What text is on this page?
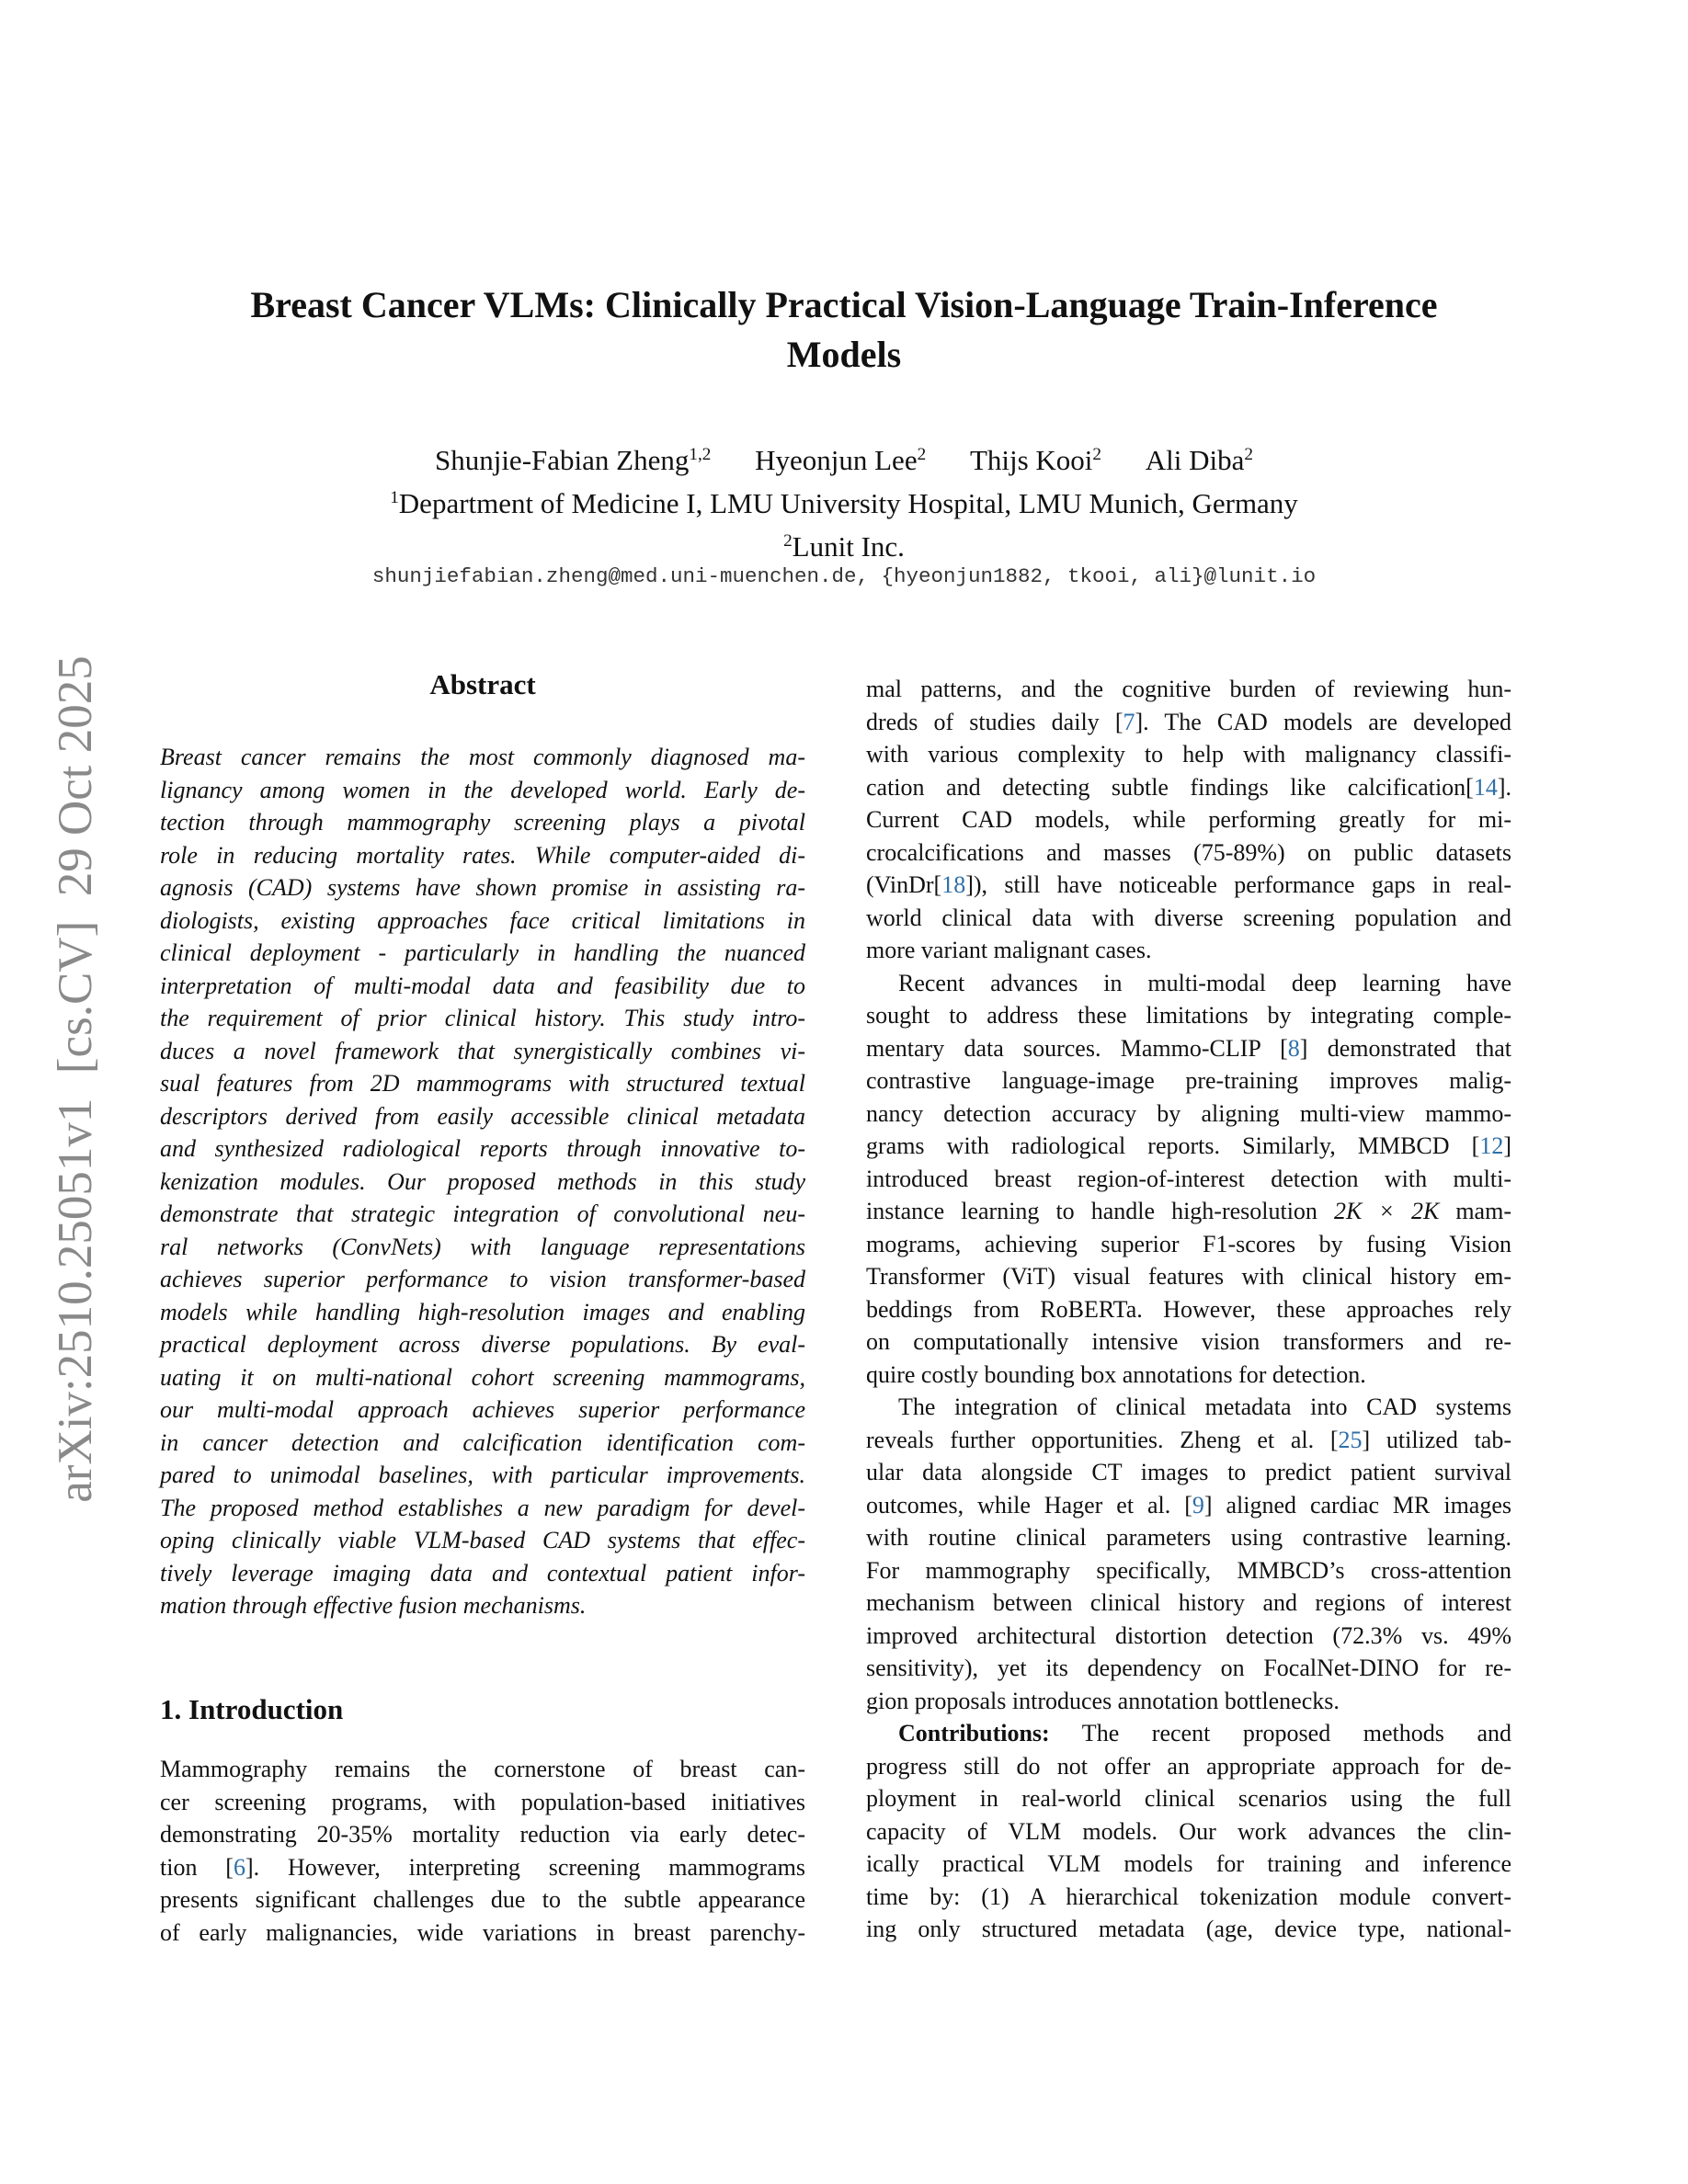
arXiv:2510.25051v1  [cs.CV]  29 Oct 2025
Breast Cancer VLMs: Clinically Practical Vision-Language Train-Inference
Models
Shunjie-Fabian Zheng$^{1,2}$ Hyeonjun Lee$^2$ Thijs Kooi$^2$ Ali Diba$^2$
$^1$Department of Medicine I, LMU University Hospital, LMU Munich, Germany
$^2$Lunit Inc.
shunjiefabian.zheng@med.uni-muenchen.de, {hyeonjun1882, tkooi, ali}@lunit.io
Abstract
Breast cancer remains the most commonly diagnosed ma-
lignancy among women in the developed world. Early de-
tection through mammography screening plays a pivotal
role in reducing mortality rates. While computer-aided di-
agnosis (CAD) systems have shown promise in assisting ra-
diologists, existing approaches face critical limitations in
clinical deployment - particularly in handling the nuanced
interpretation of multi-modal data and feasibility due to
the requirement of prior clinical history. This study intro-
duces a novel framework that synergistically combines vi-
sual features from 2D mammograms with structured textual
descriptors derived from easily accessible clinical metadata
and synthesized radiological reports through innovative to-
kenization modules. Our proposed methods in this study
demonstrate that strategic integration of convolutional neu-
ral networks (ConvNets) with language representations
achieves superior performance to vision transformer-based
models while handling high-resolution images and enabling
practical deployment across diverse populations. By eval-
uating it on multi-national cohort screening mammograms,
our multi-modal approach achieves superior performance
in cancer detection and calcification identification com-
pared to unimodal baselines, with particular improvements.
The proposed method establishes a new paradigm for devel-
oping clinically viable VLM-based CAD systems that effec-
tively leverage imaging data and contextual patient infor-
mation through effective fusion mechanisms.
1. Introduction
Mammography remains the cornerstone of breast can-
cer screening programs, with population-based initiatives
demonstrating 20-35% mortality reduction via early detec-
tion [6]. However, interpreting screening mammograms
presents significant challenges due to the subtle appearance
of early malignancies, wide variations in breast parenchy-
mal patterns, and the cognitive burden of reviewing hun-
dreds of studies daily [7]. The CAD models are developed
with various complexity to help with malignancy classifi-
cation and detecting subtle findings like calcification[14].
Current CAD models, while performing greatly for mi-
crocalcifications and masses (75-89%) on public datasets
(VinDr[18]), still have noticeable performance gaps in real-
world clinical data with diverse screening population and
more variant malignant cases.
Recent advances in multi-modal deep learning have
sought to address these limitations by integrating comple-
mentary data sources. Mammo-CLIP [8] demonstrated that
contrastive language-image pre-training improves malig-
nancy detection accuracy by aligning multi-view mammo-
grams with radiological reports. Similarly, MMBCD [12]
introduced breast region-of-interest detection with multi-
instance learning to handle high-resolution 2K × 2K mam-
mograms, achieving superior F1-scores by fusing Vision
Transformer (ViT) visual features with clinical history em-
beddings from RoBERTa. However, these approaches rely
on computationally intensive vision transformers and re-
quire costly bounding box annotations for detection.
The integration of clinical metadata into CAD systems
reveals further opportunities. Zheng et al. [25] utilized tab-
ular data alongside CT images to predict patient survival
outcomes, while Hager et al. [9] aligned cardiac MR images
with routine clinical parameters using contrastive learning.
For mammography specifically, MMBCD’s cross-attention
mechanism between clinical history and regions of interest
improved architectural distortion detection (72.3% vs. 49%
sensitivity), yet its dependency on FocalNet-DINO for re-
gion proposals introduces annotation bottlenecks.
Contributions: The recent proposed methods and
progress still do not offer an appropriate approach for de-
ployment in real-world clinical scenarios using the full
capacity of VLM models. Our work advances the clin-
ically practical VLM models for training and inference
time by: (1) A hierarchical tokenization module convert-
ing only structured metadata (age, device type, national-
